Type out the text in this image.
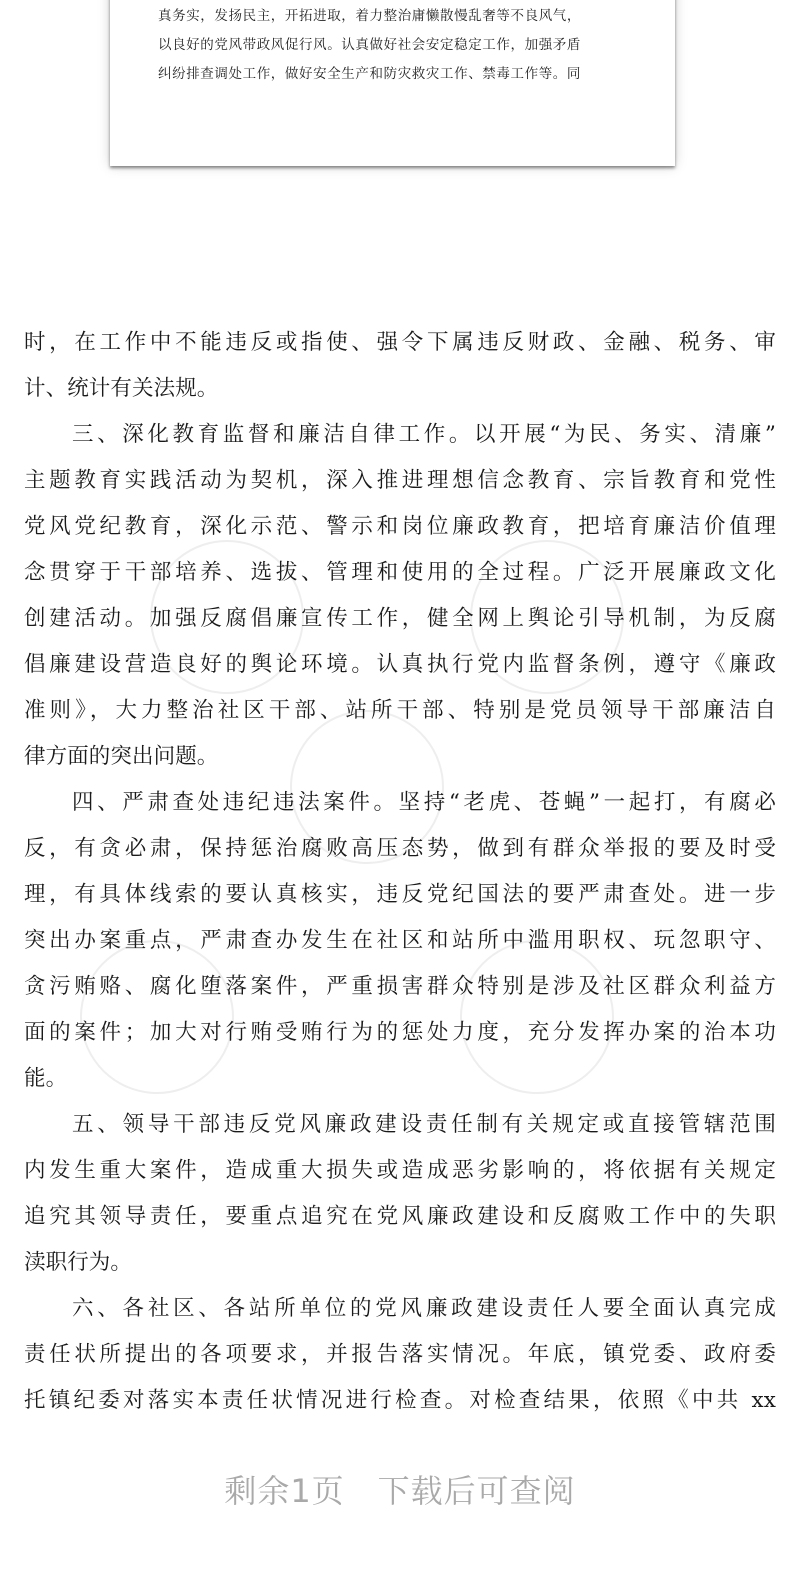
真务实，发扬民主，开拓进取，着力整治庸懒散慢乱奢等不良风气，
以良好的党风带政风促行风。认真做好社会安定稳定工作，加强矛盾
纠纷排查调处工作，做好安全生产和防灾救灾工作、禁毒工作等。同
时，在工作中不能违反或指使、强令下属违反财政、金融、税务、审
计、统计有关法规。
三、深化教育监督和廉洁自律工作。以开展“为民、务实、清廉”
主题教育实践活动为契机，深入推进理想信念教育、宗旨教育和党性
党风党纪教育，深化示范、警示和岗位廉政教育，把培育廉洁价值理
念贯穿于干部培养、选拔、管理和使用的全过程。广泛开展廉政文化
创建活动。加强反腐倡廉宣传工作，健全网上舆论引导机制，为反腐
倡廉建设营造良好的舆论环境。认真执行党内监督条例，遵守《廉政
准则》，大力整治社区干部、站所干部、特别是党员领导干部廉洁自
律方面的突出问题。
四、严肃查处违纪违法案件。坚持“老虎、苍蝇”一起打，有腐必
反，有贪必肃，保持惩治腐败高压态势，做到有群众举报的要及时受
理，有具体线索的要认真核实，违反党纪国法的要严肃查处。进一步
突出办案重点，严肃查办发生在社区和站所中滥用职权、玩忽职守、
贪污贿赂、腐化堕落案件，严重损害群众特别是涉及社区群众利益方
面的案件；加大对行贿受贿行为的惩处力度，充分发挥办案的治本功
能。
五、领导干部违反党风廉政建设责任制有关规定或直接管辖范围
内发生重大案件，造成重大损失或造成恶劣影响的，将依据有关规定
追究其领导责任，要重点追究在党风廉政建设和反腐败工作中的失职
渎职行为。
六、各社区、各站所单位的党风廉政建设责任人要全面认真完成
责任状所提出的各项要求，并报告落实情况。年底，镇党委、政府委
托镇纪委对落实本责任状情况进行检查。对检查结果，依照《中共 xx
剩余1页　下载后可查阅
